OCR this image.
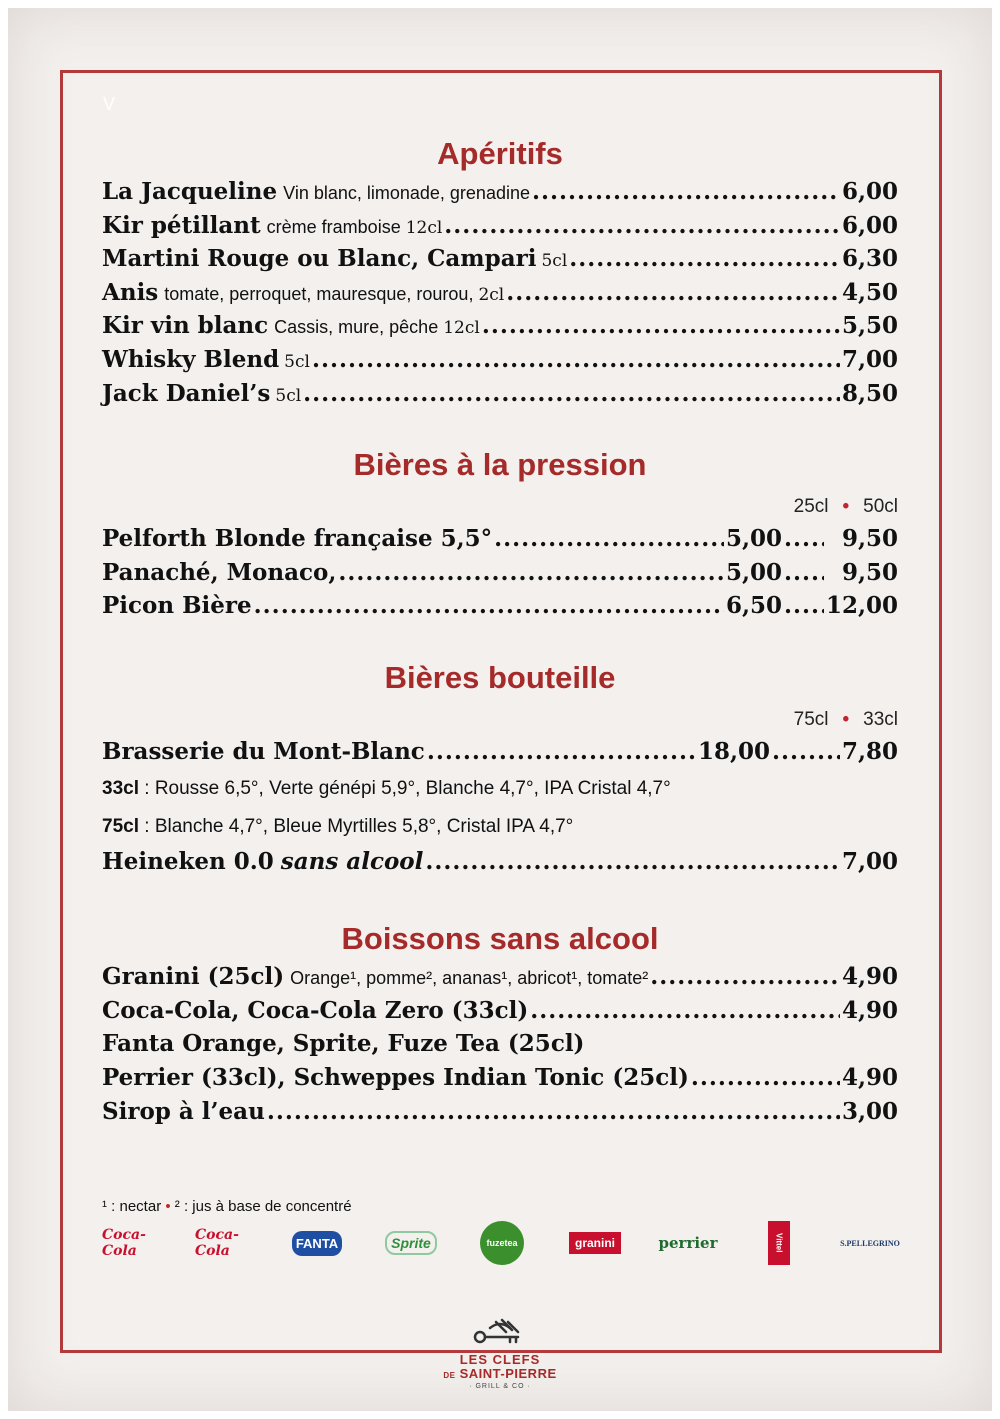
V
Apéritifs
La Jacqueline Vin blanc, limonade, grenadine .....	6,00
Kir pétillant crème framboise 12cl .....	6,00
Martini Rouge ou Blanc, Campari 5cl .....	6,30
Anis tomate, perroquet, mauresque, rourou, 2cl .....	4,50
Kir vin blanc Cassis, mure, pêche 12cl .....	5,50
Whisky Blend 5cl .....	7,00
Jack Daniel’s 5cl .....	8,50
Bières à la pression
25cl • 50cl
Pelforth Blonde française 5,5° .....	5,00 .....	9,50
Panaché, Monaco, .....	5,00 .....	9,50
Picon Bière .....	6,50 ..... 12,00
Bières bouteille
75cl • 33cl
Brasserie du Mont-Blanc .....	18,00 .....	7,80
33cl : Rousse 6,5°, Verte génépi 5,9°, Blanche 4,7°, IPA Cristal 4,7°
75cl : Blanche 4,7°, Bleue Myrtilles 5,8°, Cristal IPA 4,7°
Heineken 0.0 sans alcool .....	7,00
Boissons sans alcool
Granini (25cl) Orange¹, pomme², ananas¹, abricot¹, tomate² .....	4,90
Coca-Cola, Coca-Cola Zero (33cl) .....	4,90
Fanta Orange, Sprite, Fuze Tea (25cl)
Perrier (33cl), Schweppes Indian Tonic (25cl) .....	4,90
Sirop à l’eau .....	3,00
¹ : nectar • ² : jus à base de concentré
Coca-Cola
Coca-Cola	FANTA	Sprite	fuzetea	granini	perrier	Vittel	S.PELLEGRINO
LES CLEFS
DE SAINT-PIERRE
· GRILL & CO ·
